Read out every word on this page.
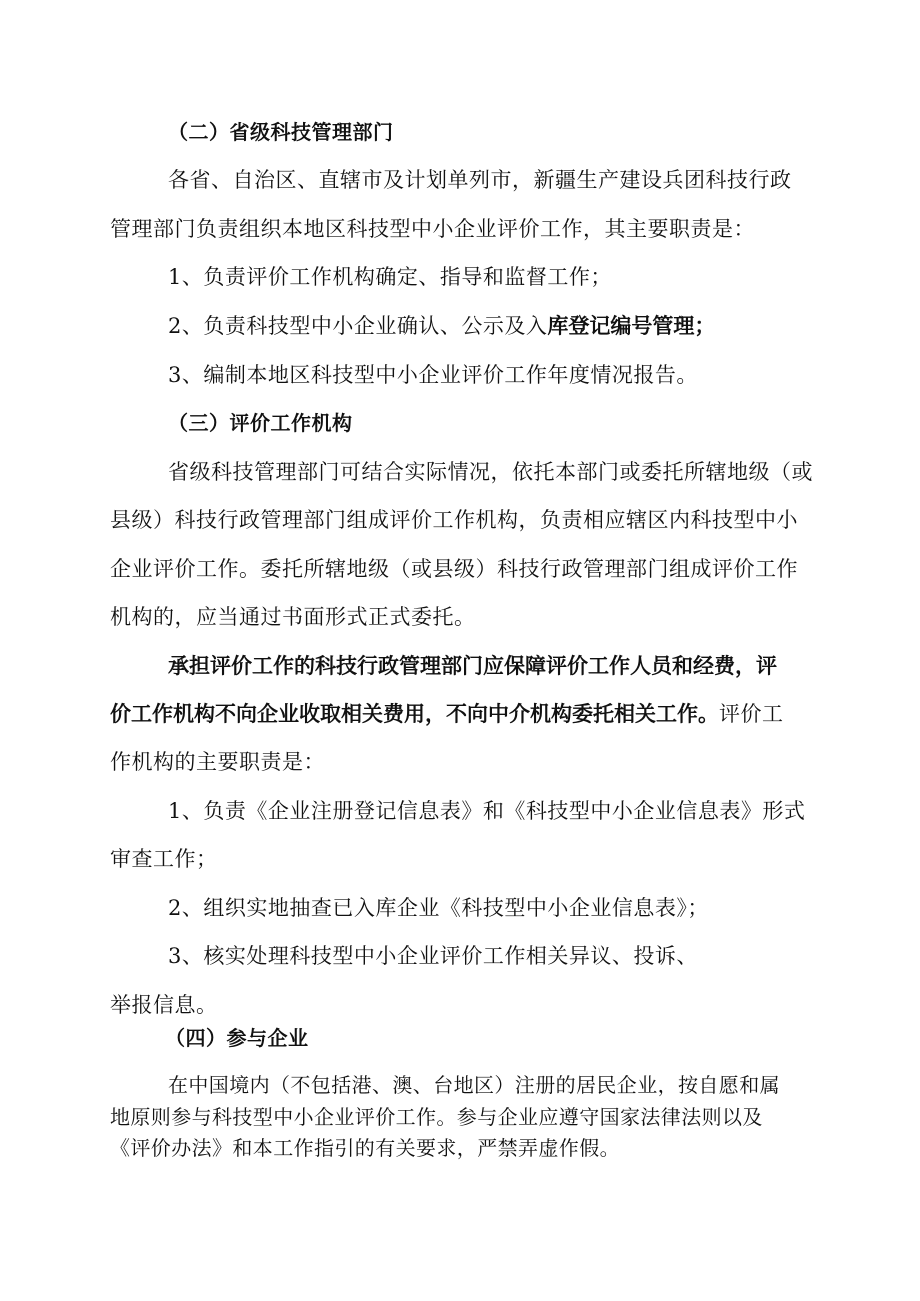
（二）省级科技管理部门
各省、自治区、直辖市及计划单列市，新疆生产建设兵团科技行政
管理部门负责组织本地区科技型中小企业评价工作，其主要职责是：
1、负责评价工作机构确定、指导和监督工作；
2、负责科技型中小企业确认、公示及入库登记编号管理；
3、编制本地区科技型中小企业评价工作年度情况报告。
（三）评价工作机构
省级科技管理部门可结合实际情况，依托本部门或委托所辖地级（或
县级）科技行政管理部门组成评价工作机构，负责相应辖区内科技型中小
企业评价工作。委托所辖地级（或县级）科技行政管理部门组成评价工作
机构的，应当通过书面形式正式委托。
承担评价工作的科技行政管理部门应保障评价工作人员和经费，评
价工作机构不向企业收取相关费用，不向中介机构委托相关工作。评价工
作机构的主要职责是：
1、负责《企业注册登记信息表》和《科技型中小企业信息表》形式
审查工作；
2、组织实地抽查已入库企业《科技型中小企业信息表》；
3、核实处理科技型中小企业评价工作相关异议、投诉、
举报信息。
（四）参与企业
在中国境内（不包括港、澳、台地区）注册的居民企业，按自愿和属
地原则参与科技型中小企业评价工作。参与企业应遵守国家法律法则以及
《评价办法》和本工作指引的有关要求，严禁弄虚作假。
